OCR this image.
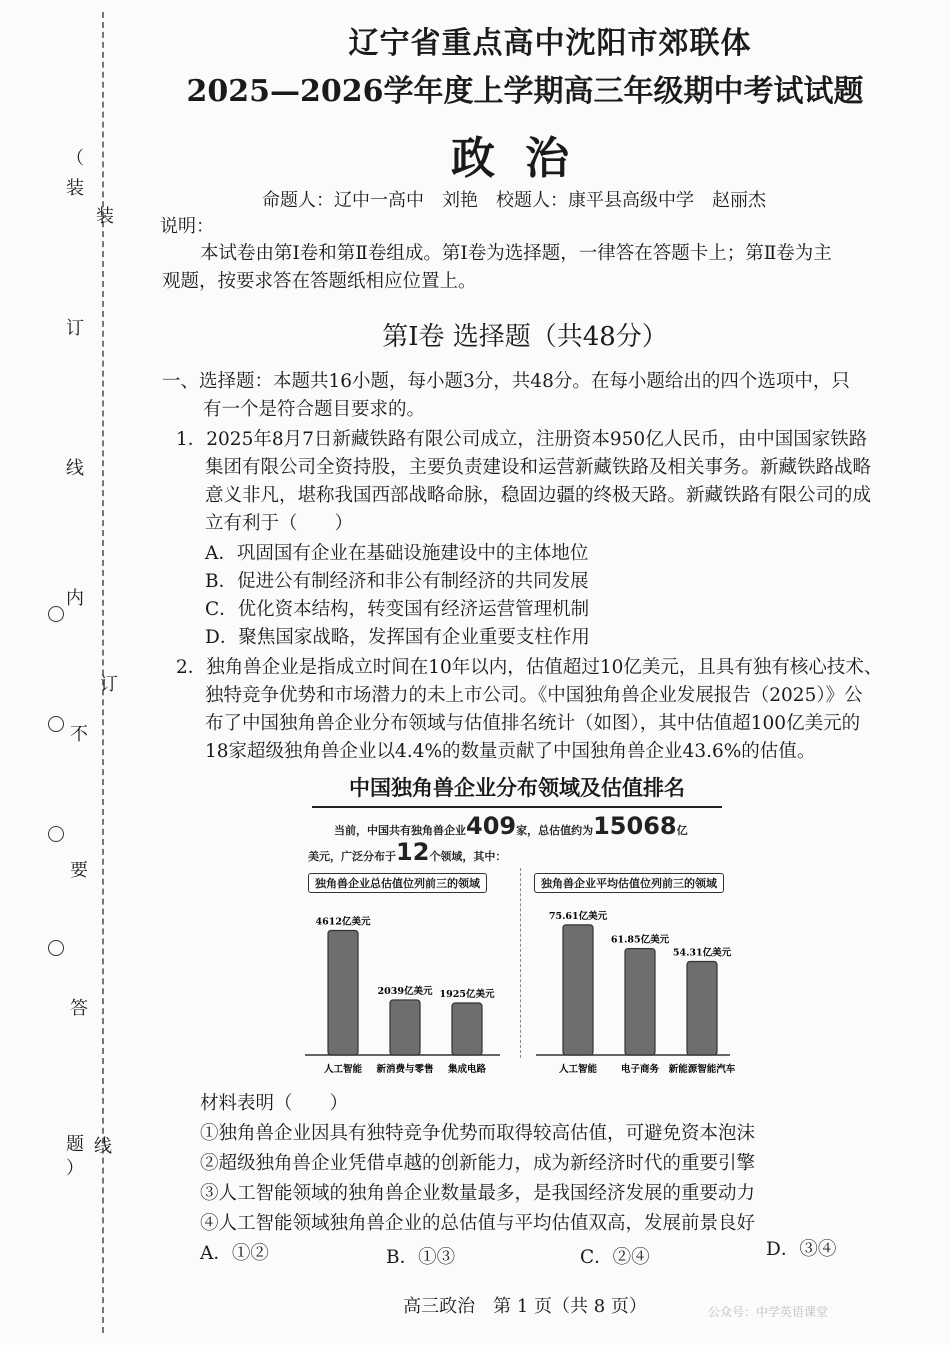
（
装
订
线
内
不
要
答
题
）
装
订
线
辽宁省重点高中沈阳市郊联体
2025—2026学年度上学期高三年级期中考试试题
政治
命题人：辽中一高中　刘艳　校题人：康平县高级中学　赵丽杰
说明：
本试卷由第Ⅰ卷和第Ⅱ卷组成。第Ⅰ卷为选择题，一律答在答题卡上；第Ⅱ卷为主
观题，按要求答在答题纸相应位置上。
第Ⅰ卷 选择题（共48分）
一、选择题：本题共16小题，每小题3分，共48分。在每小题给出的四个选项中，只
有一个是符合题目要求的。
1．2025年8月7日新藏铁路有限公司成立，注册资本950亿人民币，由中国国家铁路
集团有限公司全资持股，主要负责建设和运营新藏铁路及相关事务。新藏铁路战略
意义非凡，堪称我国西部战略命脉，稳固边疆的终极天路。新藏铁路有限公司的成
立有利于（　　）
A．巩固国有企业在基础设施建设中的主体地位
B．促进公有制经济和非公有制经济的共同发展
C．优化资本结构，转变国有经济运营管理机制
D．聚焦国家战略，发挥国有企业重要支柱作用
2．独角兽企业是指成立时间在10年以内，估值超过10亿美元，且具有独有核心技术、
独特竞争优势和市场潜力的未上市公司。《中国独角兽企业发展报告（2025）》公
布了中国独角兽企业分布领域与估值排名统计（如图），其中估值超100亿美元的
18家超级独角兽企业以4.4%的数量贡献了中国独角兽企业43.6%的估值。
中国独角兽企业分布领域及估值排名
当前，中国共有独角兽企业409家，总估值约为15068亿
美元，广泛分布于12个领域，其中：
独角兽企业总估值位列前三的领域	独角兽企业平均估值位列前三的领域
4612亿美元
人工智能
2039亿美元
新消费与零售
1925亿美元
集成电路
75.61亿美元
人工智能
61.85亿美元
电子商务
54.31亿美元
新能源智能汽车
材料表明（　　）
①独角兽企业因具有独特竞争优势而取得较高估值，可避免资本泡沫
②超级独角兽企业凭借卓越的创新能力，成为新经济时代的重要引擎
③人工智能领域的独角兽企业数量最多，是我国经济发展的重要动力
④人工智能领域独角兽企业的总估值与平均估值双高，发展前景良好
A．①②	B．①③	C．②④	D．③④
高三政治　第 1 页（共 8 页）	公众号：中学英语课堂
